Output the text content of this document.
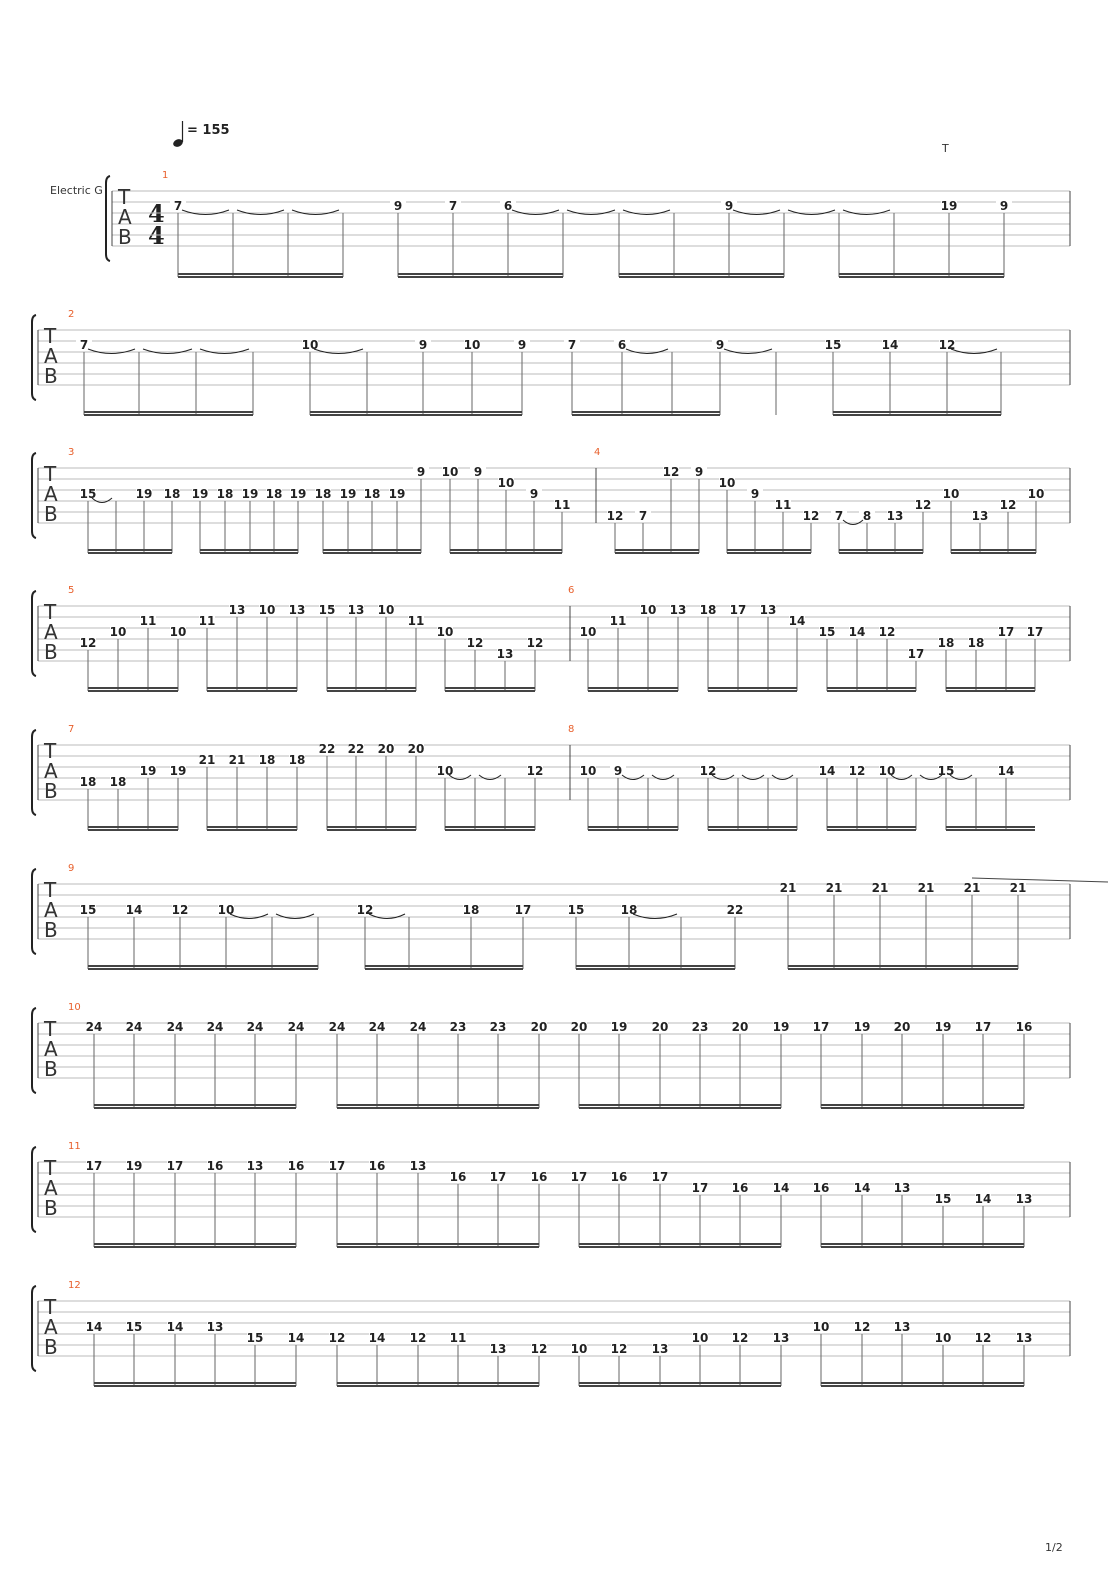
= 155
Electric G
T
4
4
T
A
B
1
7	9	7	6	9	19	9
T
A
B
2
7	10	9	10	9	7	6	9	15	14	12
T
A
B
3
15	19 18 19 18 19 18 19 18 19 18 19
9 10 9
10
9
11
4
12 7
12 9
10
9
11
12 7 8 13
12
10
13
12
10
T
A
B
5
12
10
11
10
11
13 10 13 15 13 10
11
10
12
13
12
6
10
11
10 13 18 17 13
14
15 14 12
17
18 18
17 17
T
A
B
7
18 18
19 19
21 21 18 18
22 22 20 20
10	12
8
10 9	12	14 12 10	15	14
T
A
B
9
15 14 12 10	12	18	17	15	18	22
21 21 21 21 21 21
T
A
B
10
24 24 24 24 24 24 24 24 24 23 23 20 20 19 20 23 20 19 17 19 20 19 17 16
T
A
B
11
17 19 17 16 13 16 17 16 13
16 17 16 17 16 17
17 16 14 16 14 13
15 14 13
T
A
B
12
14 15 14 13
15 14 12 14 12 11
13 12 10 12 13
10 12 13
10 12 13
10 12 13
1/2
